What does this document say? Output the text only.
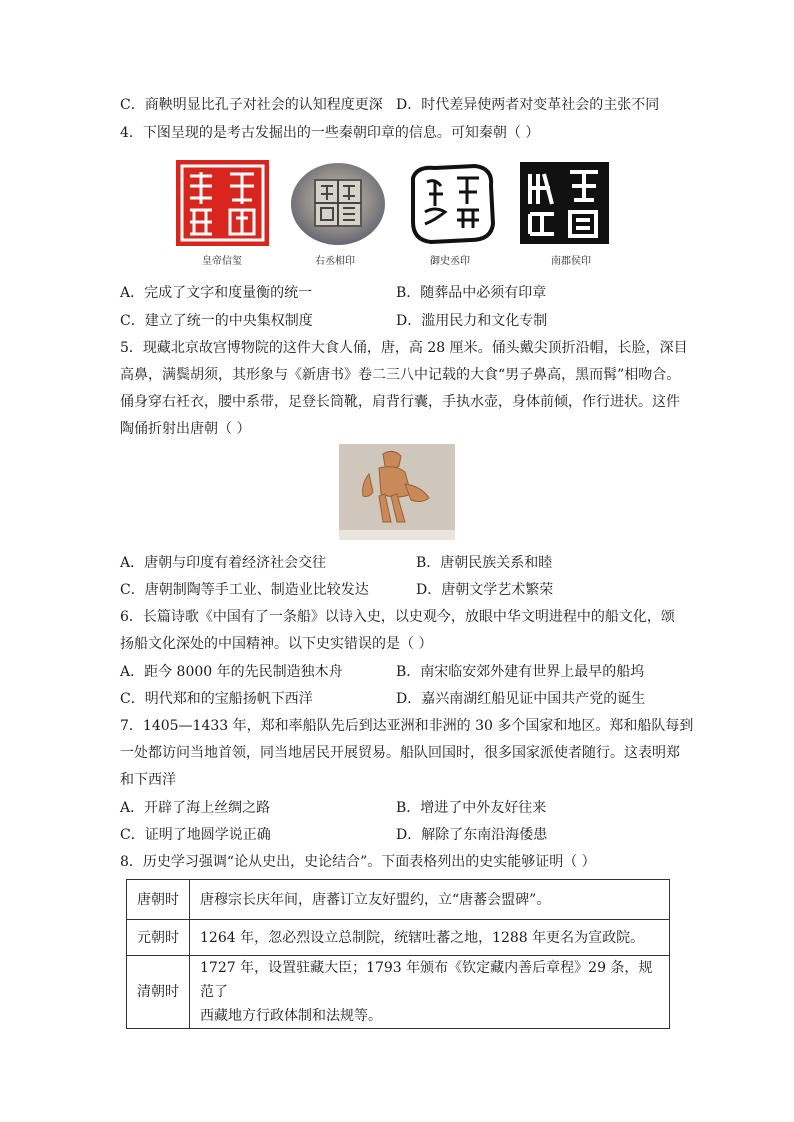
C．商鞅明显比孔子对社会的认知程度更深 D．时代差异使两者对变革社会的主张不同
4．下图呈现的是考古发掘出的一些秦朝印章的信息。可知秦朝（ ）
皇帝信玺	右丞相印	御史丞印	南郡侯印
A．完成了文字和度量衡的统一	B．随葬品中必须有印章
C．建立了统一的中央集权制度	D．滥用民力和文化专制
5．现藏北京故宫博物院的这件大食人俑，唐，高 28 厘米。俑头戴尖顶折沿帽，长脸，深目
高鼻，满鬓胡须，其形象与《新唐书》卷二三八中记载的大食“男子鼻高，黑而髯”相吻合。
俑身穿右衽衣，腰中系带，足登长筒靴，肩背行囊，手执水壶，身体前倾，作行进状。这件
陶俑折射出唐朝（ ）
A．唐朝与印度有着经济社会交往	B．唐朝民族关系和睦
C．唐朝制陶等手工业、制造业比较发达	D．唐朝文学艺术繁荣
6．长篇诗歌《中国有了一条船》以诗入史，以史观今，放眼中华文明进程中的船文化，颂
扬船文化深处的中国精神。以下史实错误的是（ ）
A．距今 8000 年的先民制造独木舟	B．南宋临安郊外建有世界上最早的船坞
C．明代郑和的宝船扬帆下西洋	D．嘉兴南湖红船见证中国共产党的诞生
7．1405—1433 年，郑和率船队先后到达亚洲和非洲的 30 多个国家和地区。郑和船队每到
一处都访问当地首领，同当地居民开展贸易。船队回国时，很多国家派使者随行。这表明郑
和下西洋
A．开辟了海上丝绸之路	B．增进了中外友好往来
C．证明了地圆学说正确	D．解除了东南沿海倭患
8．历史学习强调“论从史出，史论结合”。下面表格列出的史实能够证明（ ）
唐朝时	唐穆宗长庆年间，唐蕃订立友好盟约，立“唐蕃会盟碑”。
元朝时	1264 年，忽必烈设立总制院，统辖吐蕃之地，1288 年更名为宣政院。
清朝时	1727 年，设置驻藏大臣；1793 年颁布《钦定藏内善后章程》29 条，规范了
西藏地方行政体制和法规等。
